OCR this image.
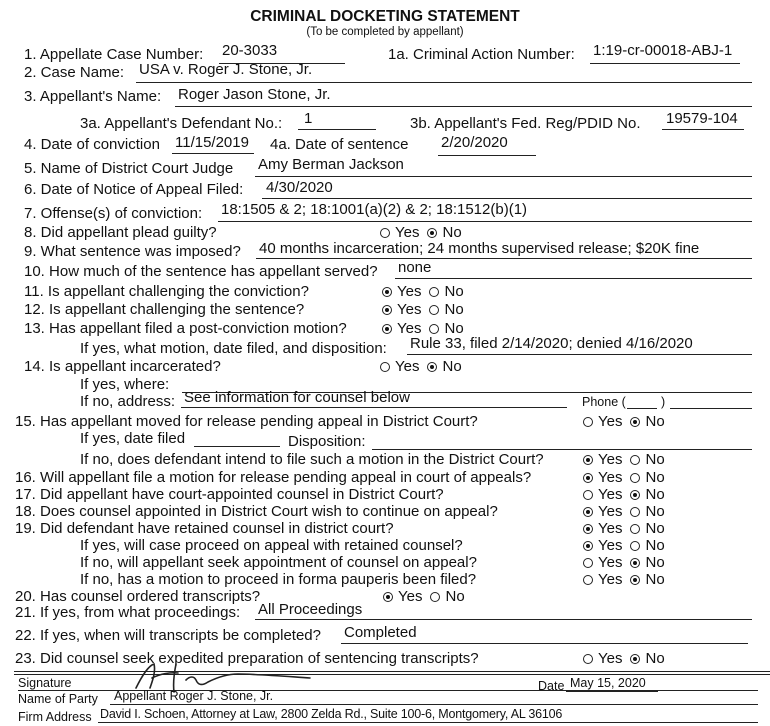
CRIMINAL DOCKETING STATEMENT
(To be completed by appellant)
1. Appellate Case Number: 20-3033	1a. Criminal Action Number: 1:19-cr-00018-ABJ-1
2. Case Name: USA v. Roger J. Stone, Jr.
3. Appellant's Name: Roger Jason Stone, Jr.
3a. Appellant's Defendant No.: 1	3b. Appellant's Fed. Reg/PDID No. 19579-104
4. Date of conviction 11/15/2019 4a. Date of sentence 2/20/2020
5. Name of District Court Judge Amy Berman Jackson
6. Date of Notice of Appeal Filed: 4/30/2020
7. Offense(s) of conviction: 18:1505 & 2; 18:1001(a)(2) & 2; 18:1512(b)(1)
8. Did appellant plead guilty?	Yes No
9. What sentence was imposed? 40 months incarceration; 24 months supervised release; $20K fine
10. How much of the sentence has appellant served? none
11. Is appellant challenging the conviction?	Yes No
12. Is appellant challenging the sentence?	Yes No
13. Has appellant filed a post-conviction motion?	Yes No
If yes, what motion, date filed, and disposition: Rule 33, filed 2/14/2020; denied 4/16/2020
14. Is appellant incarcerated?	Yes No
If yes, where:
If no, address: See information for counsel below	Phone (	)
15. Has appellant moved for release pending appeal in District Court?	Yes No
If yes, date filed	Disposition:
If no, does defendant intend to file such a motion in the District Court?	Yes No
16. Will appellant file a motion for release pending appeal in court of appeals?	Yes No
17. Did appellant have court-appointed counsel in District Court?	Yes No
18. Does counsel appointed in District Court wish to continue on appeal?	Yes No
19. Did defendant have retained counsel in district court?	Yes No
If yes, will case proceed on appeal with retained counsel?	Yes No
If no, will appellant seek appointment of counsel on appeal?	Yes No
If no, has a motion to proceed in forma pauperis been filed?	Yes No
20. Has counsel ordered transcripts?	Yes No
21. If yes, from what proceedings: All Proceedings
22. If yes, when will transcripts be completed? Completed
23. Did counsel seek expedited preparation of sentencing transcripts?	Yes No
Signature
Name of Party Appellant Roger J. Stone, Jr.
Date May 15, 2020
Firm Address David I. Schoen, Attorney at Law, 2800 Zelda Rd., Suite 100-6, Montgomery, AL 36106
